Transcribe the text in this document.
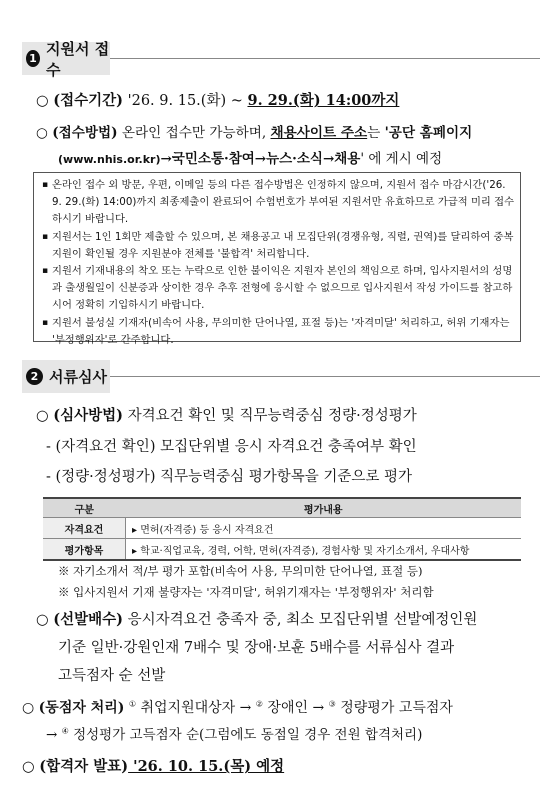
1
지원서 접수
○ (접수기간) '26. 9. 15.(화) ~ 9. 29.(화) 14:00까지
○ (접수방법) 온라인 접수만 가능하며, 채용사이트 주소는 '공단 홈페이지
(www.nhis.or.kr)→국민소통·참여→뉴스·소식→채용' 에 게시 예정
▪ 온라인 접수 외 방문, 우편, 이메일 등의 다른 접수방법은 인정하지 않으며, 지원서 접수 마감시간('26. 9. 29.(화) 14:00)까지 최종제출이 완료되어 수험번호가 부여된 지원서만 유효하므로 가급적 미리 접수하시기 바랍니다.
▪ 지원서는 1인 1회만 제출할 수 있으며, 본 채용공고 내 모집단위(경쟁유형, 직렬, 권역)를 달리하여 중복지원이 확인될 경우 지원분야 전체를 '불합격' 처리합니다.
▪ 지원서 기재내용의 착오 또는 누락으로 인한 불이익은 지원자 본인의 책임으로 하며, 입사지원서의 성명과 출생월일이 신분증과 상이한 경우 추후 전형에 응시할 수 없으므로 입사지원서 작성 가이드를 참고하시어 정확히 기입하시기 바랍니다.
▪ 지원서 불성실 기재자(비속어 사용, 무의미한 단어나열, 표절 등)는 '자격미달' 처리하고, 허위 기재자는 '부정행위자'로 간주합니다.
2 서류심사
○ (심사방법) 자격요건 확인 및 직무능력중심 정량·정성평가
- (자격요건 확인) 모집단위별 응시 자격요건 충족여부 확인
- (정량·정성평가) 직무능력중심 평가항목을 기준으로 평가
구분	평가내용
자격요건	▸ 면허(자격증) 등 응시 자격요건
평가항목	▸ 학교·직업교육, 경력, 어학, 면허(자격증), 경험사항 및 자기소개서, 우대사항
※ 자기소개서 적/부 평가 포함(비속어 사용, 무의미한 단어나열, 표절 등)
※ 입사지원서 기재 불량자는 '자격미달', 허위기재자는 '부정행위자' 처리함
○ (선발배수) 응시자격요건 충족자 중, 최소 모집단위별 선발예정인원
기준 일반·강원인재 7배수 및 장애·보훈 5배수를 서류심사 결과
고득점자 순 선발
○ (동점자 처리) ① 취업지원대상자 → ② 장애인 → ③ 정량평가 고득점자
→ ④ 정성평가 고득점자 순(그럼에도 동점일 경우 전원 합격처리)
○ (합격자 발표) '26. 10. 15.(목) 예정
